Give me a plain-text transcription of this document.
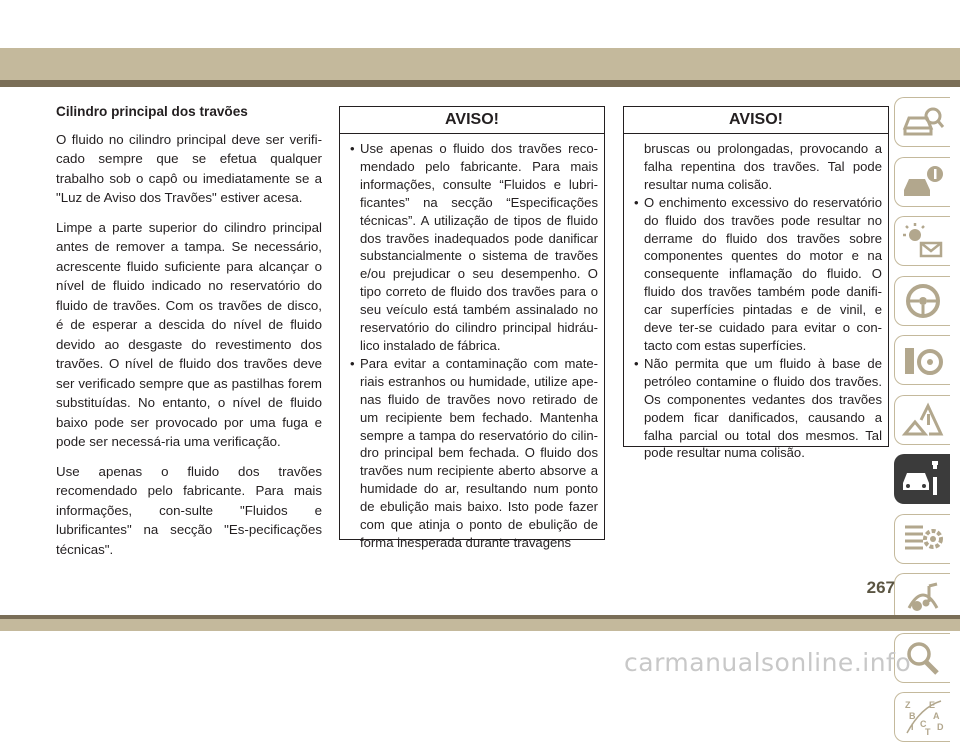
Cilindro principal dos travões

O fluido no cilindro principal deve ser verifi-cado sempre que se efetua qualquer trabalho sob o capô ou imediatamente se a "Luz de Aviso dos Travões" estiver acesa.

Limpe a parte superior do cilindro principal antes de remover a tampa. Se necessário, acrescente fluido suficiente para alcançar o nível de fluido indicado no reservatório do fluido de travões. Com os travões de disco, é de esperar a descida do nível de fluido devido ao desgaste do revestimento dos travões. O nível de fluido dos travões deve ser verificado sempre que as pastilhas forem substituídas. No entanto, o nível de fluido baixo pode ser provocado por uma fuga e pode ser necessá-ria uma verificação.

Use apenas o fluido dos travões recomendado pelo fabricante. Para mais informações, con-sulte "Fluidos e lubrificantes" na secção "Es-pecificações técnicas".

AVISO!
• Use apenas o fluido dos travões reco-mendado pelo fabricante. Para mais informações, consulte “Fluidos e lubri-ficantes” na secção “Especificações técnicas”. A utilização de tipos de fluido dos travões inadequados pode danificar substancialmente o sistema de travões e/ou prejudicar o seu desempenho. O tipo correto de fluido dos travões para o seu veículo está também assinalado no reservatório do cilindro principal hidráu-lico instalado de fábrica.
• Para evitar a contaminação com mate-riais estranhos ou humidade, utilize ape-nas fluido de travões novo retirado de um recipiente bem fechado. Mantenha sempre a tampa do reservatório do cilin-dro principal bem fechada. O fluido dos travões num recipiente aberto absorve a humidade do ar, resultando num ponto de ebulição mais baixo. Isto pode fazer com que atinja o ponto de ebulição de forma inesperada durante travagens
AVISO!
bruscas ou prolongadas, provocando a falha repentina dos travões. Tal pode resultar numa colisão.
• O enchimento excessivo do reservatório do fluido dos travões pode resultar no derrame do fluido dos travões sobre componentes quentes do motor e na consequente inflamação do fluido. O fluido dos travões também pode danifi-car superfícies pintadas e de vinil, e deve ter-se cuidado para evitar o con-tacto com estas superfícies.
• Não permita que um fluido à base de petróleo contamine o fluido dos travões. Os componentes vedantes dos travões podem ficar danificados, causando a falha parcial ou total dos mesmos. Tal pode resultar numa colisão.
Z E
B A
D
I C
T
267
carmanualsonline.info
